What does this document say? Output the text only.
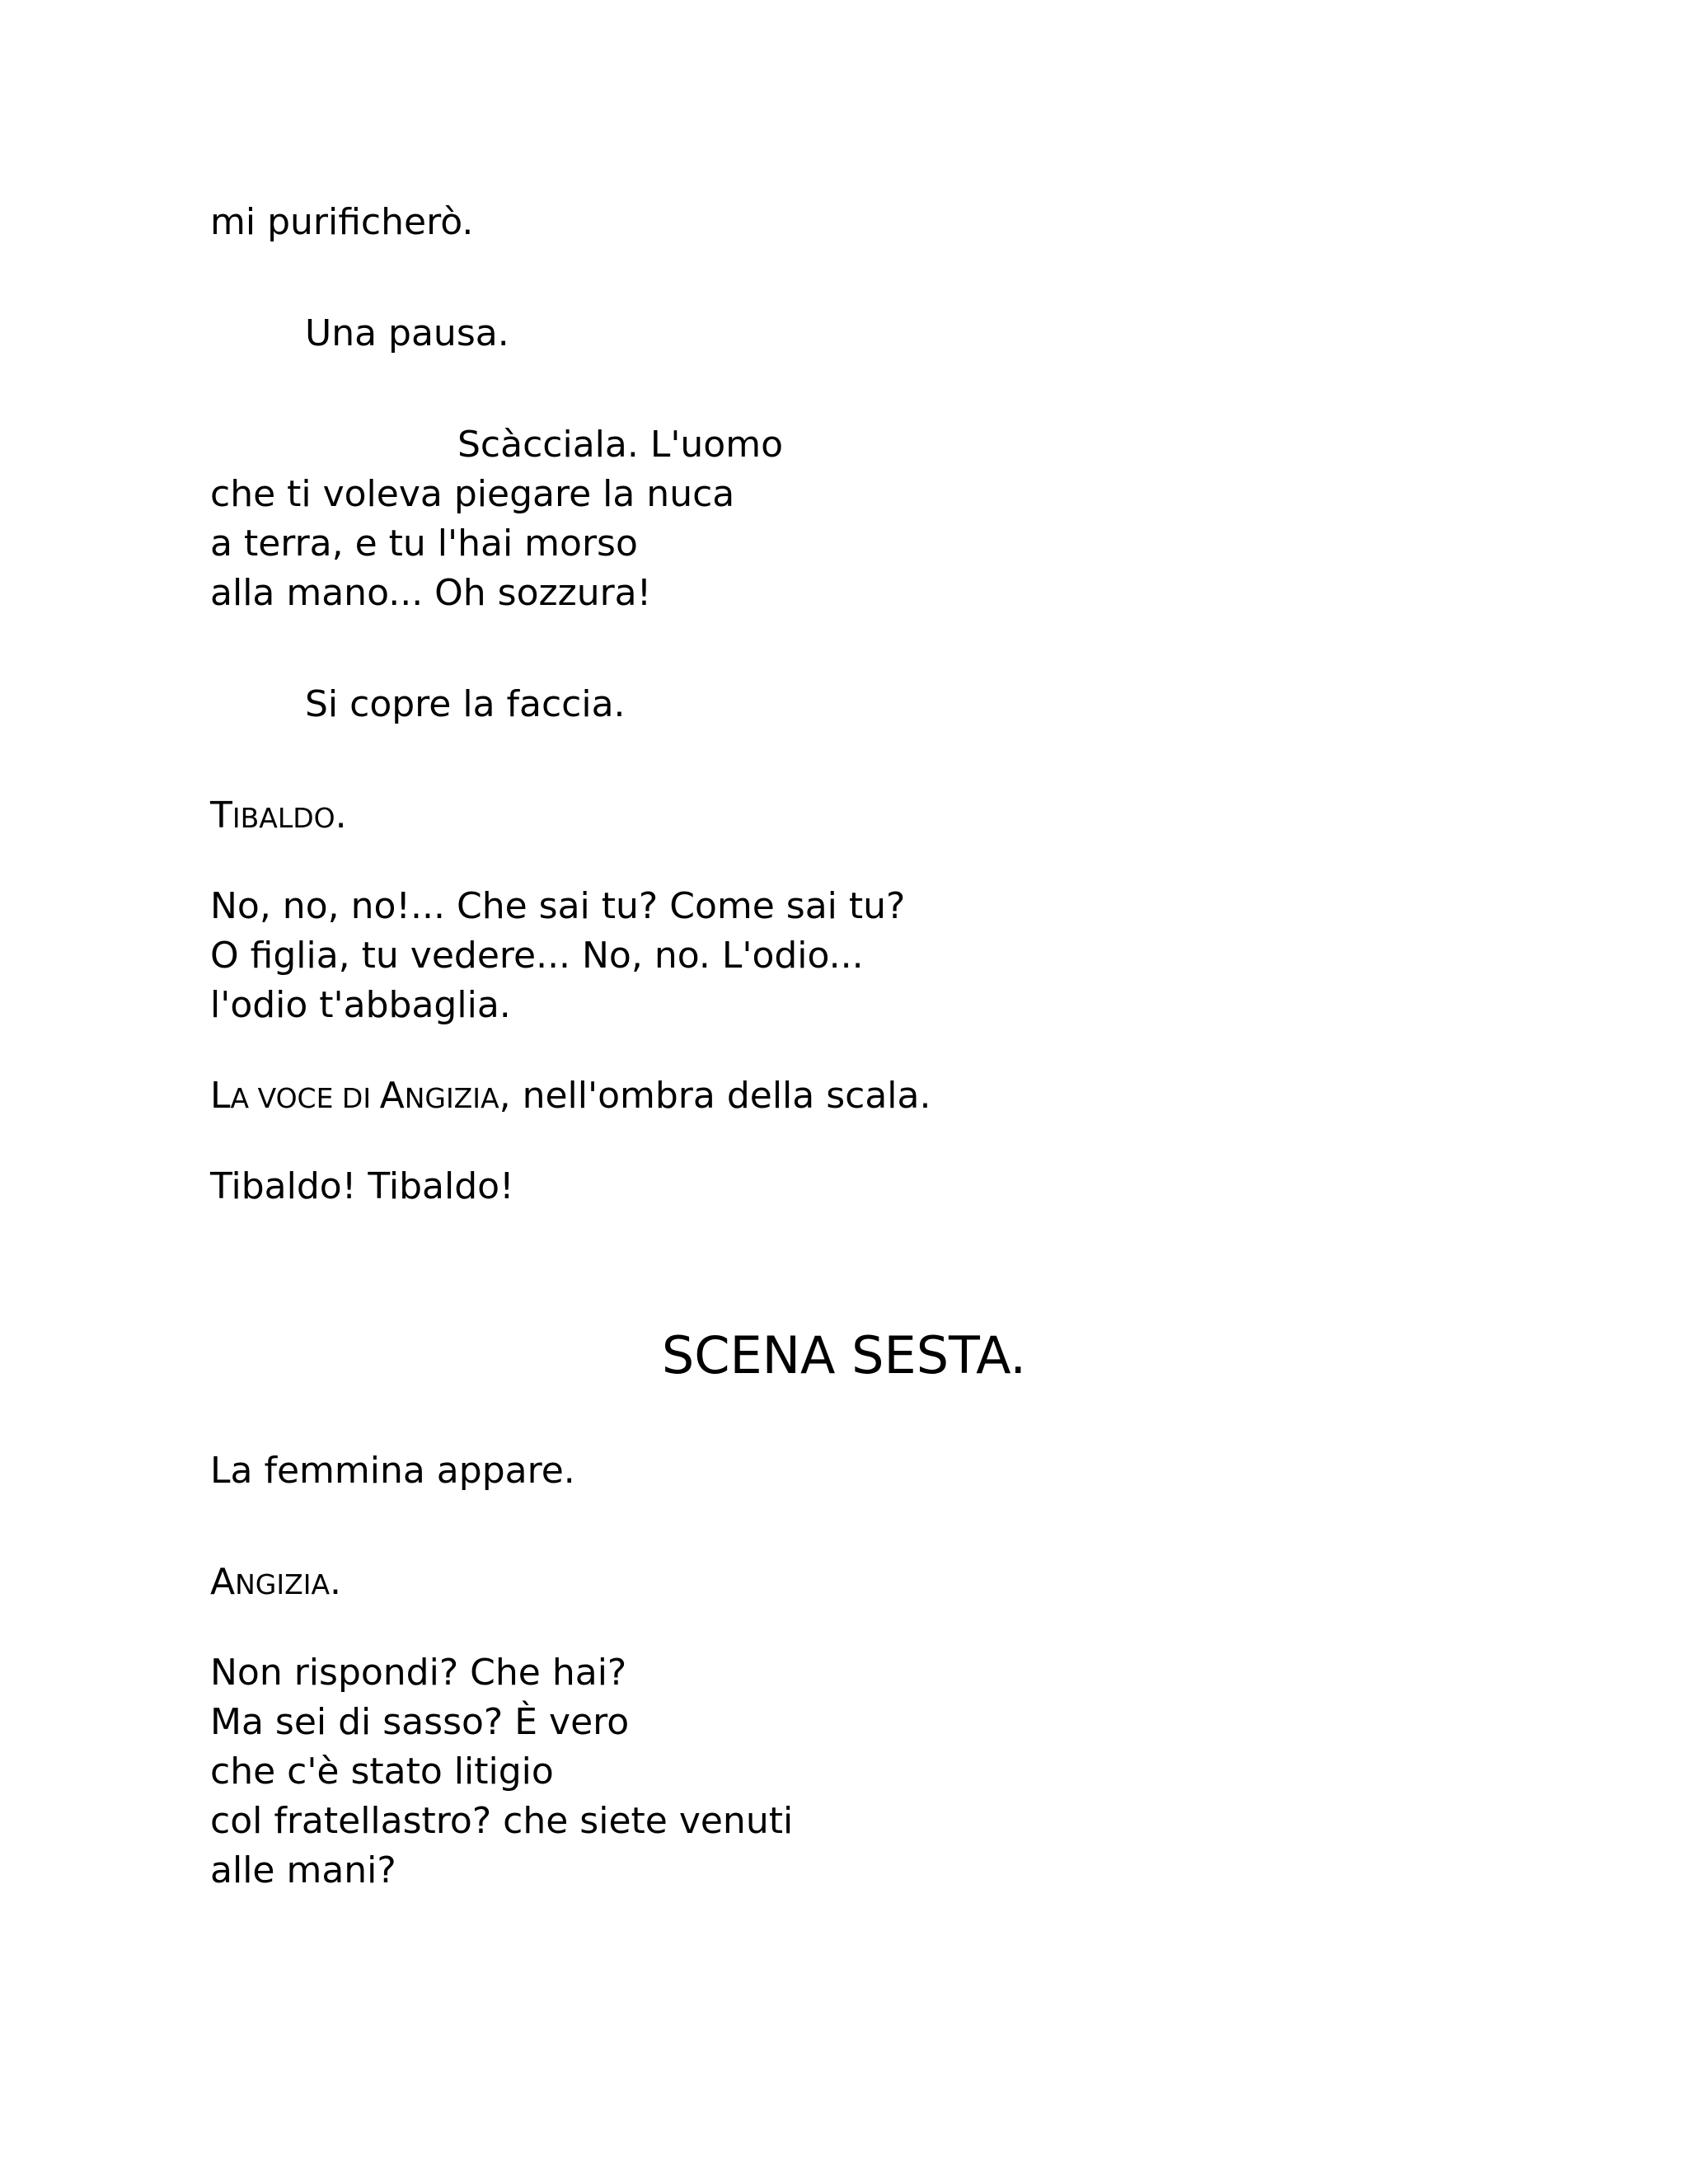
mi purificherò.
Una pausa.
Scàcciala. L'uomo
che ti voleva piegare la nuca
a terra, e tu l'hai morso
alla mano... Oh sozzura!
Si copre la faccia.
TIBALDO.
No, no, no!... Che sai tu? Come sai tu?
O figlia, tu vedere... No, no. L'odio...
l'odio t'abbaglia.
LA VOCE DI ANGIZIA, nell'ombra della scala.
Tibaldo! Tibaldo!
SCENA SESTA.
La femmina appare.
ANGIZIA.
Non rispondi? Che hai?
Ma sei di sasso? È vero
che c'è stato litigio
col fratellastro? che siete venuti
alle mani?
